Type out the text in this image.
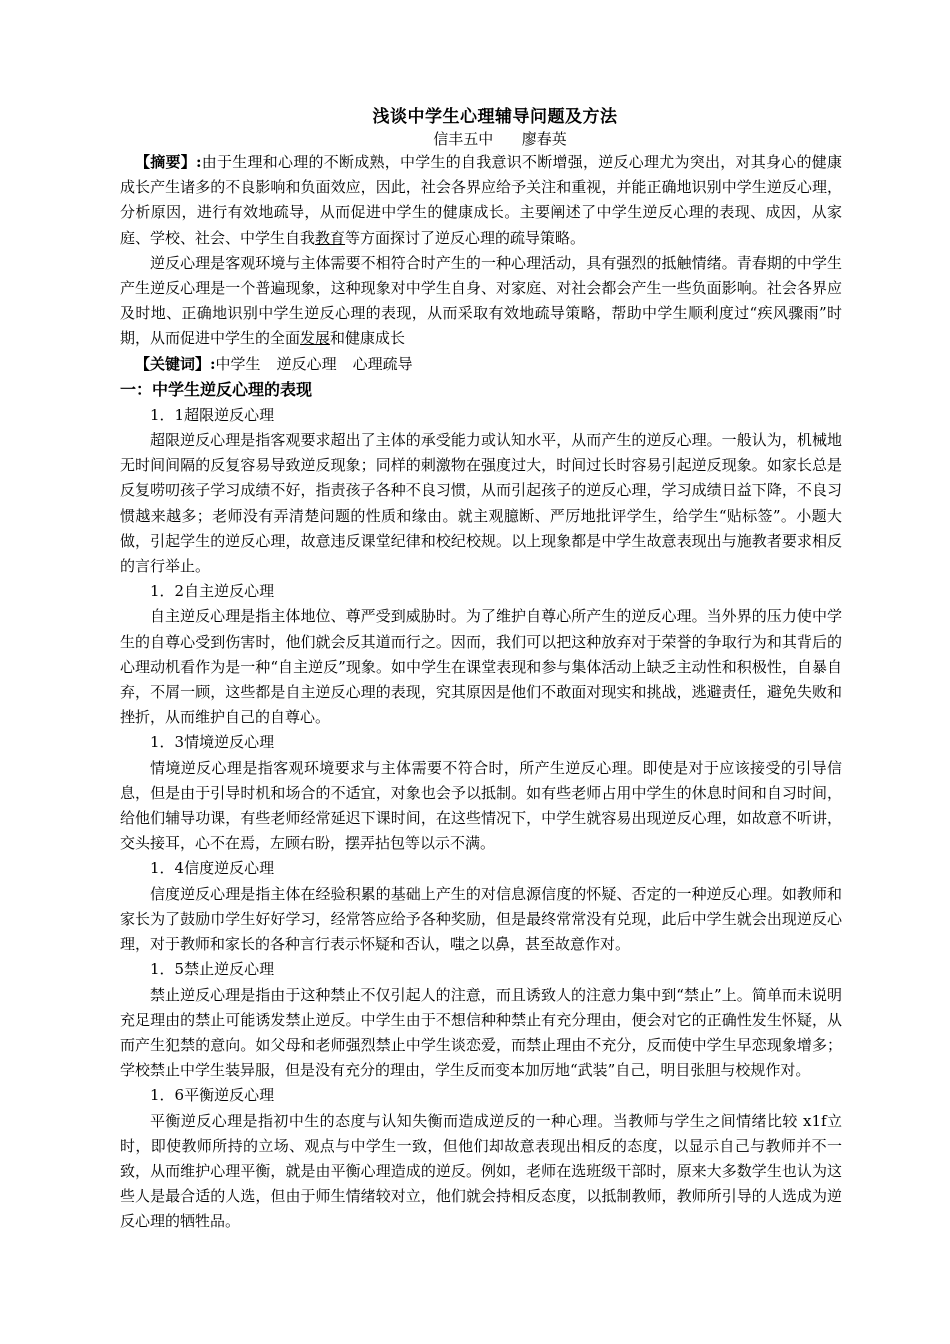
浅谈中学生心理辅导问题及方法
信丰五中      廖春英

【摘要】:由于生理和心理的不断成熟，中学生的自我意识不断增强，逆反心理尤为突出，对其身心的健康成长产生诸多的不良影响和负面效应，因此，社会各界应给予关注和重视，并能正确地识别中学生逆反心理，分析原因，进行有效地疏导，从而促进中学生的健康成长。主要阐述了中学生逆反心理的表现、成因，从家庭、学校、社会、中学生自我教育等方面探讨了逆反心理的疏导策略。

逆反心理是客观环境与主体需要不相符合时产生的一种心理活动，具有强烈的抵触情绪。青春期的中学生产生逆反心理是一个普遍现象，这种现象对中学生自身、对家庭、对社会都会产生一些负面影响。社会各界应及时地、正确地识别中学生逆反心理的表现，从而采取有效地疏导策略，帮助中学生顺利度过“疾风骤雨”时期，从而促进中学生的全面发展和健康成长

【关键词】:中学生 逆反心理 心理疏导

一：中学生逆反心理的表现

1．1超限逆反心理

超限逆反心理是指客观要求超出了主体的承受能力或认知水平，从而产生的逆反心理。一般认为，机械地无时间间隔的反复容易导致逆反现象；同样的刺激物在强度过大，时间过长时容易引起逆反现象。如家长总是反复唠叨孩子学习成绩不好，指责孩子各种不良习惯，从而引起孩子的逆反心理，学习成绩日益下降，不良习惯越来越多；老师没有弄清楚问题的性质和缘由。就主观臆断、严厉地批评学生，给学生“贴标签”。小题大做，引起学生的逆反心理，故意违反课堂纪律和校纪校规。以上现象都是中学生故意表现出与施教者要求相反的言行举止。

1．2自主逆反心理

自主逆反心理是指主体地位、尊严受到威胁时。为了维护自尊心所产生的逆反心理。当外界的压力使中学生的自尊心受到伤害时，他们就会反其道而行之。因而，我们可以把这种放弃对于荣誉的争取行为和其背后的心理动机看作为是一种“自主逆反”现象。如中学生在课堂表现和参与集体活动上缺乏主动性和积极性，自暴自弃，不屑一顾，这些都是自主逆反心理的表现，究其原因是他们不敢面对现实和挑战，逃避责任，避免失败和挫折，从而维护自己的自尊心。

1．3情境逆反心理

情境逆反心理是指客观环境要求与主体需要不符合时，所产生逆反心理。即使是对于应该接受的引导信息，但是由于引导时机和场合的不适宜，对象也会予以抵制。如有些老师占用中学生的休息时间和自习时间，给他们辅导功课，有些老师经常延迟下课时间，在这些情况下，中学生就容易出现逆反心理，如故意不听讲，交头接耳，心不在焉，左顾右盼，摆弄拈包等以示不满。

1．4信度逆反心理

信度逆反心理是指主体在经验积累的基础上产生的对信息源信度的怀疑、否定的一种逆反心理。如教师和家长为了鼓励巾学生好好学习，经常答应给予各种奖励，但是最终常常没有兑现，此后中学生就会出现逆反心理，对于教师和家长的各种言行表示怀疑和否认，嗤之以鼻，甚至故意作对。

1．5禁止逆反心理

禁止逆反心理是指由于这种禁止不仅引起人的注意，而且诱致人的注意力集中到“禁止”上。简单而未说明充足理由的禁止可能诱发禁止逆反。中学生由于不想信种种禁止有充分理由，便会对它的正确性发生怀疑，从而产生犯禁的意向。如父母和老师强烈禁止中学生谈恋爱，而禁止理由不充分，反而使中学生早恋现象增多；学校禁止中学生装异服，但是没有充分的理由，学生反而变本加厉地“武装”自己，明目张胆与校规作对。

1．6平衡逆反心理

平衡逆反心理是指初中生的态度与认知失衡而造成逆反的一种心理。当教师与学生之间情绪比较 x1f立时，即使教师所持的立场、观点与中学生一致，但他们却故意表现出相反的态度，以显示自己与教师并不一致，从而维护心理平衡，就是由平衡心理造成的逆反。例如，老师在选班级干部时，原来大多数学生也认为这些人是最合适的人选，但由于师生情绪较对立，他们就会持相反态度，以抵制教师，教师所引导的人选成为逆反心理的牺牲品。
